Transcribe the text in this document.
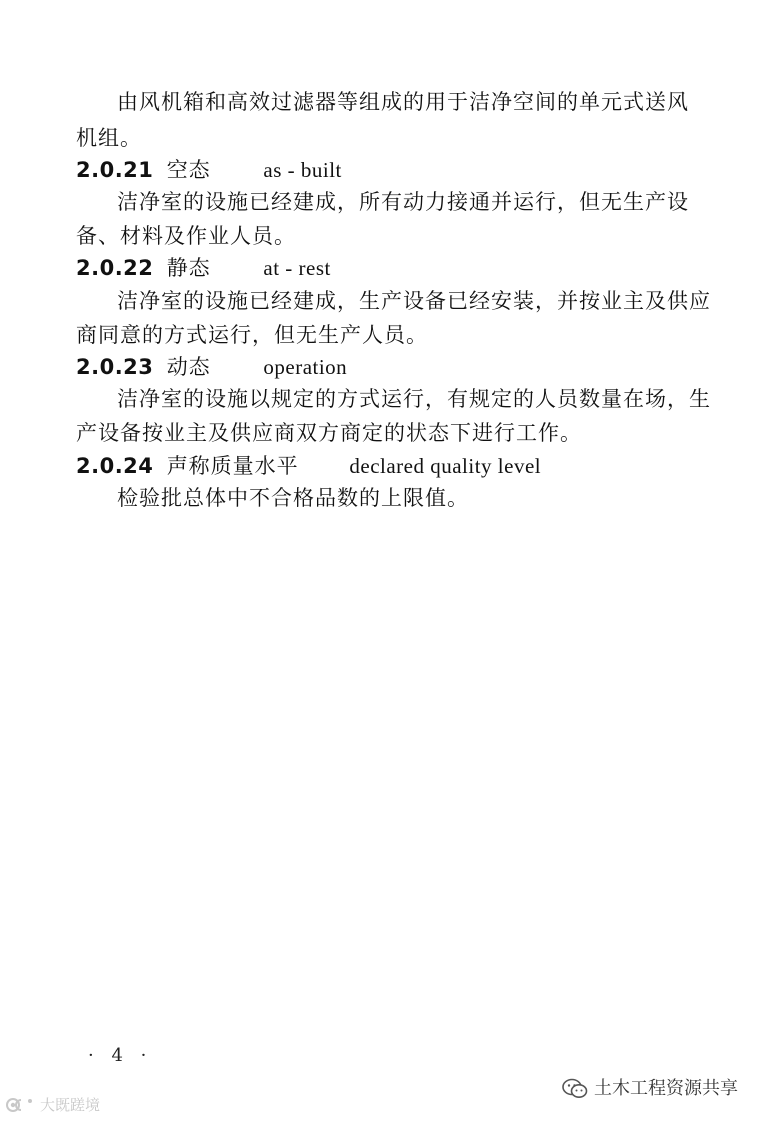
由风机箱和高效过滤器等组成的用于洁净空间的单元式送风
机组。
2.0.21 空态	as - built
洁净室的设施已经建成，所有动力接通并运行，但无生产设
备、材料及作业人员。
2.0.22 静态	at - rest
洁净室的设施已经建成，生产设备已经安装，并按业主及供应
商同意的方式运行，但无生产人员。
2.0.23 动态	operation
洁净室的设施以规定的方式运行，有规定的人员数量在场，生
产设备按业主及供应商双方商定的状态下进行工作。
2.0.24 声称质量水平 declared quality level
检验批总体中不合格品数的上限值。
· 4 ·
土木工程资源共享
大既蹉境
